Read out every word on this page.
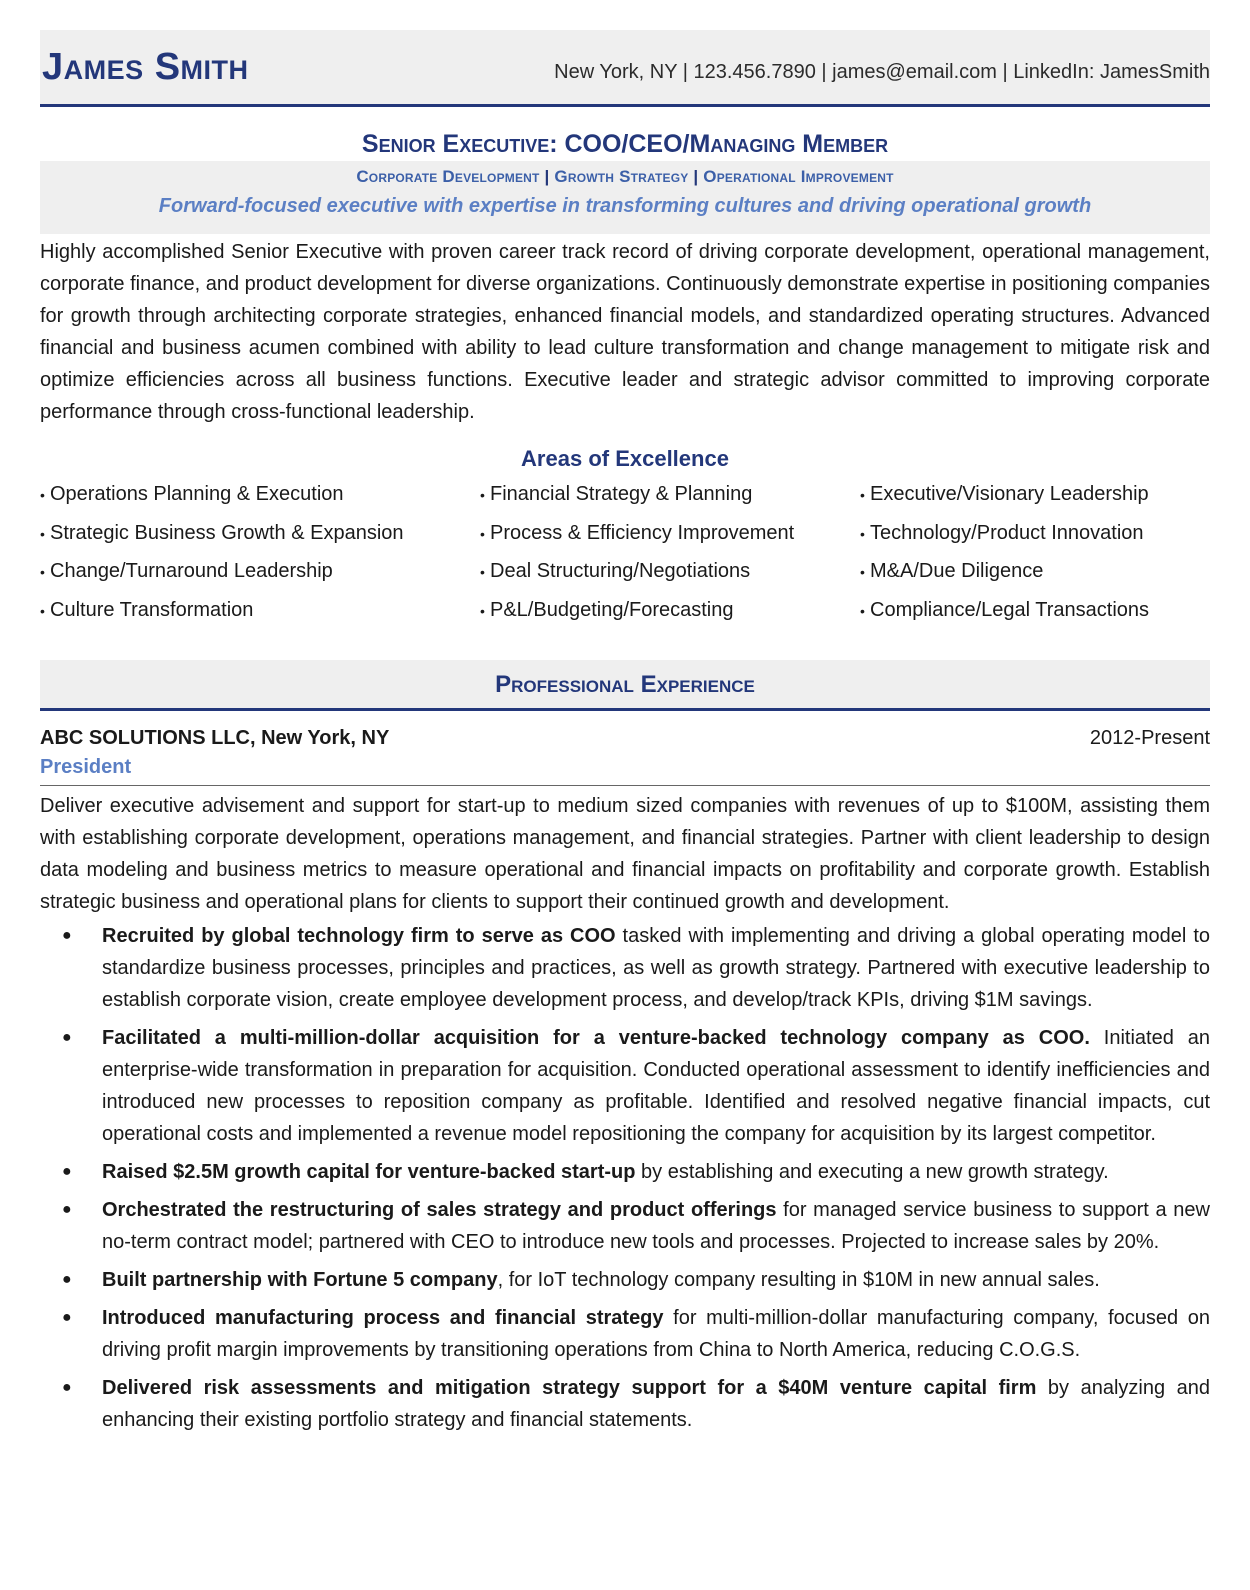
James Smith	New York, NY | 123.456.7890 | james@email.com | LinkedIn: JamesSmith
Senior Executive: COO/CEO/Managing Member
Corporate Development | Growth Strategy | Operational Improvement
Forward-focused executive with expertise in transforming cultures and driving operational growth
Highly accomplished Senior Executive with proven career track record of driving corporate development, operational management, corporate finance, and product development for diverse organizations. Continuously demonstrate expertise in positioning companies for growth through architecting corporate strategies, enhanced financial models, and standardized operating structures. Advanced financial and business acumen combined with ability to lead culture transformation and change management to mitigate risk and optimize efficiencies across all business functions. Executive leader and strategic advisor committed to improving corporate performance through cross-functional leadership.
Areas of Excellence
• Operations Planning & Execution	• Financial Strategy & Planning	• Executive/Visionary Leadership
• Strategic Business Growth & Expansion	• Process & Efficiency Improvement	• Technology/Product Innovation
• Change/Turnaround Leadership	• Deal Structuring/Negotiations	• M&A/Due Diligence
• Culture Transformation	• P&L/Budgeting/Forecasting	• Compliance/Legal Transactions
Professional Experience
ABC SOLUTIONS LLC, New York, NY	2012-Present
President
Deliver executive advisement and support for start-up to medium sized companies with revenues of up to $100M, assisting them with establishing corporate development, operations management, and financial strategies. Partner with client leadership to design data modeling and business metrics to measure operational and financial impacts on profitability and corporate growth. Establish strategic business and operational plans for clients to support their continued growth and development.
● Recruited by global technology firm to serve as COO tasked with implementing and driving a global operating model to standardize business processes, principles and practices, as well as growth strategy. Partnered with executive leadership to establish corporate vision, create employee development process, and develop/track KPIs, driving $1M savings.
● Facilitated a multi-million-dollar acquisition for a venture-backed technology company as COO. Initiated an enterprise-wide transformation in preparation for acquisition. Conducted operational assessment to identify inefficiencies and introduced new processes to reposition company as profitable. Identified and resolved negative financial impacts, cut operational costs and implemented a revenue model repositioning the company for acquisition by its largest competitor.
● Raised $2.5M growth capital for venture-backed start-up by establishing and executing a new growth strategy.
● Orchestrated the restructuring of sales strategy and product offerings for managed service business to support a new no-term contract model; partnered with CEO to introduce new tools and processes. Projected to increase sales by 20%.
● Built partnership with Fortune 5 company, for IoT technology company resulting in $10M in new annual sales.
● Introduced manufacturing process and financial strategy for multi-million-dollar manufacturing company, focused on driving profit margin improvements by transitioning operations from China to North America, reducing C.O.G.S.
● Delivered risk assessments and mitigation strategy support for a $40M venture capital firm by analyzing and enhancing their existing portfolio strategy and financial statements.
